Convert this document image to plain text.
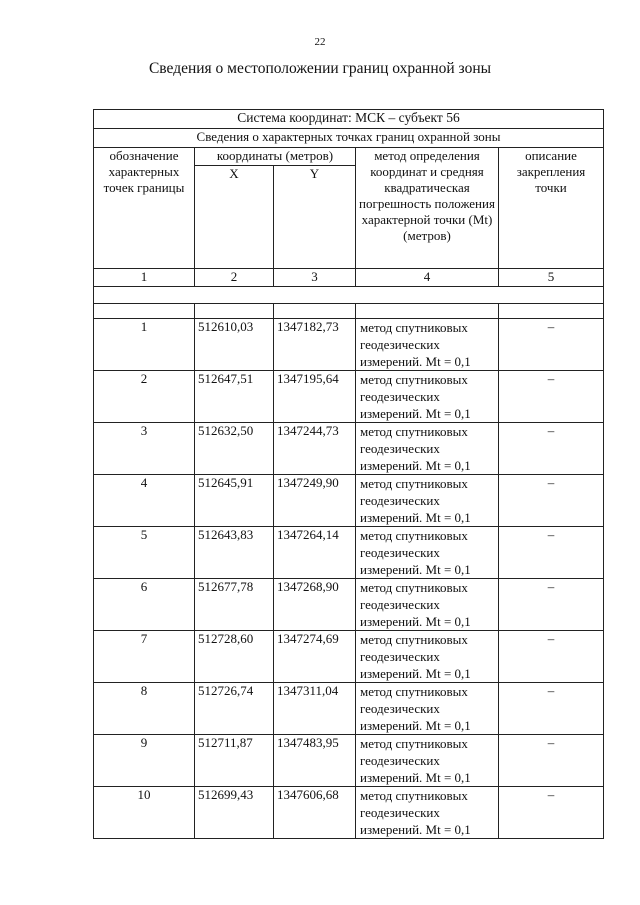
22
Сведения о местоположении границ охранной зоны
Система координат: МСК – субъект 56				
Сведения о характерных точках границ охранной зоны				
обозначение характерных точек границы	координаты (метров)		метод определения координат и средняя квадратическая погрешность положения характерной точки (Mt) (метров)	описание закрепления точки
	X	Y		
1	2	3	4	5

1	512610,03	1347182,73	метод спутниковых
геодезических
измерений. Mt = 0,1	–
2	512647,51	1347195,64	метод спутниковых
геодезических
измерений. Mt = 0,1	–
3	512632,50	1347244,73	метод спутниковых
геодезических
измерений. Mt = 0,1	–
4	512645,91	1347249,90	метод спутниковых
геодезических
измерений. Mt = 0,1	–
5	512643,83	1347264,14	метод спутниковых
геодезических
измерений. Mt = 0,1	–
6	512677,78	1347268,90	метод спутниковых
геодезических
измерений. Mt = 0,1	–
7	512728,60	1347274,69	метод спутниковых
геодезических
измерений. Mt = 0,1	–
8	512726,74	1347311,04	метод спутниковых
геодезических
измерений. Mt = 0,1	–
9	512711,87	1347483,95	метод спутниковых
геодезических
измерений. Mt = 0,1	–
10	512699,43	1347606,68	метод спутниковых
геодезических
измерений. Mt = 0,1	–
